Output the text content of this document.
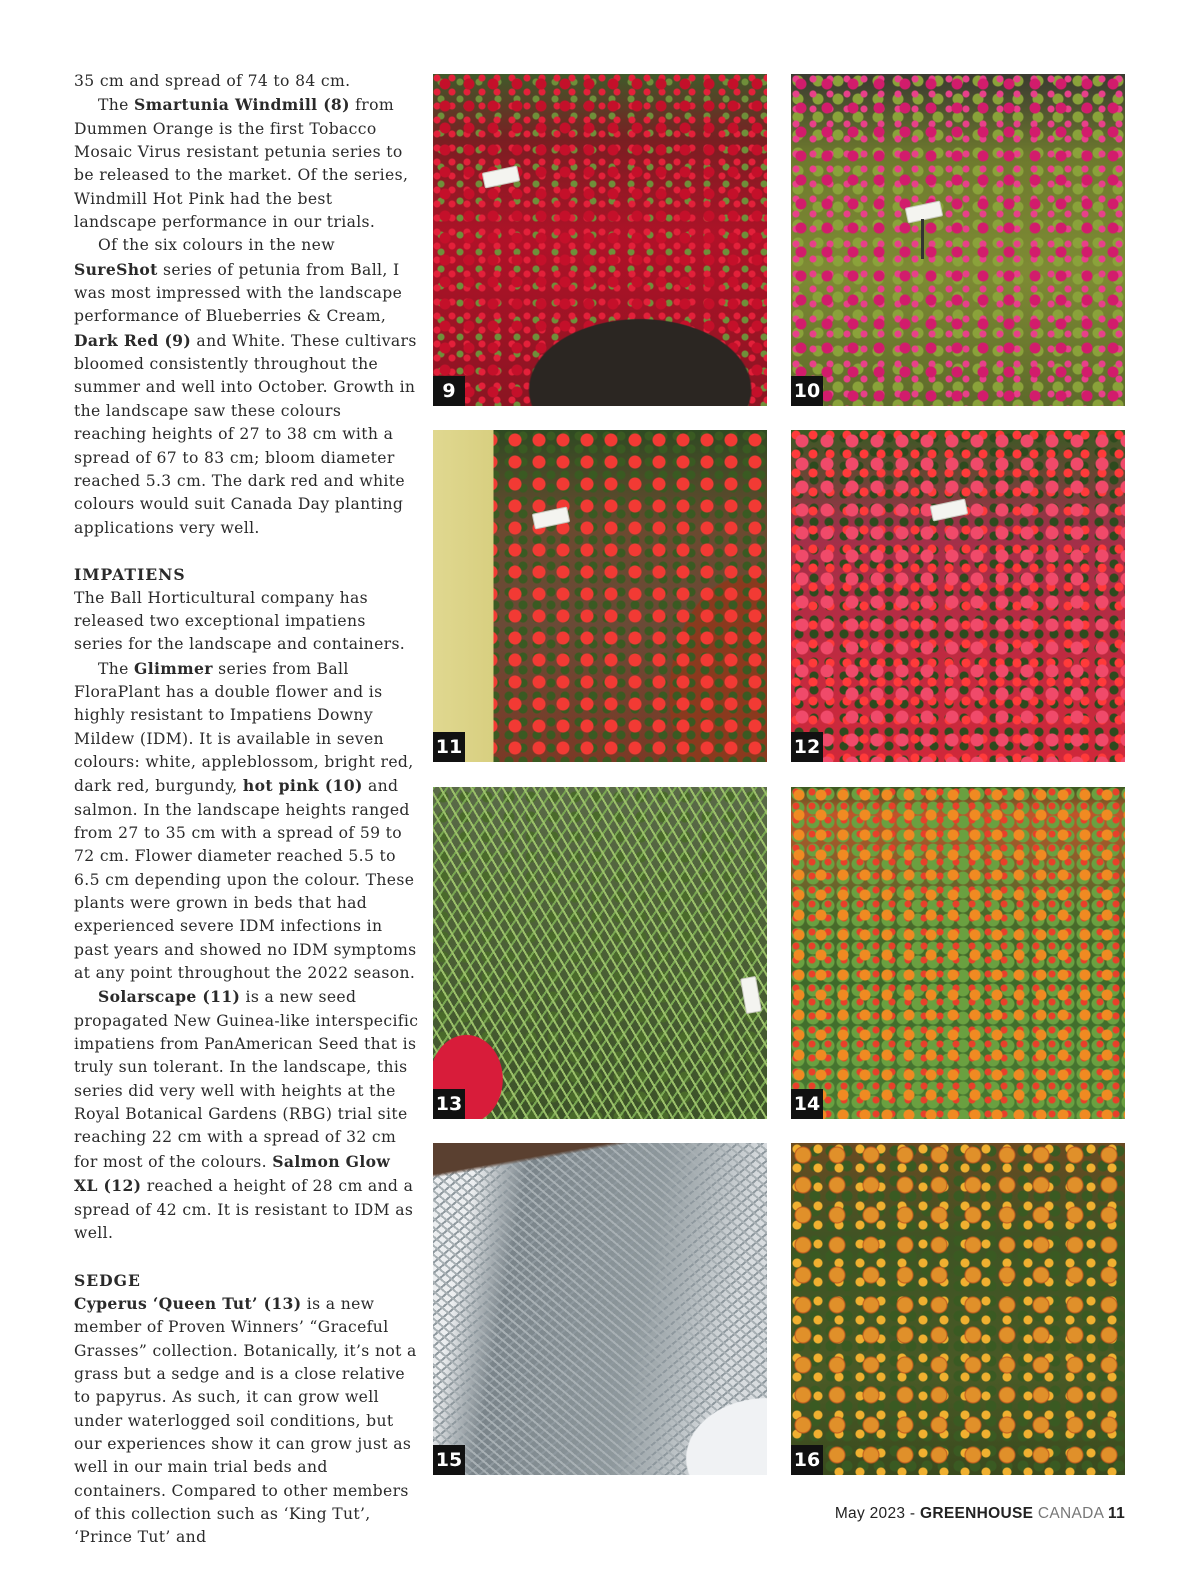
35 cm and spread of 74 to 84 cm.

The Smartunia Windmill (8) from Dummen Orange is the first Tobacco Mosaic Virus resistant petunia series to be released to the market. Of the series, Windmill Hot Pink had the best landscape performance in our trials.

Of the six colours in the new SureShot series of petunia from Ball, I was most impressed with the landscape performance of Blueberries & Cream, Dark Red (9) and White. These cultivars bloomed consistently throughout the summer and well into October. Growth in the landscape saw these colours reaching heights of 27 to 38 cm with a spread of 67 to 83 cm; bloom diameter reached 5.3 cm. The dark red and white colours would suit Canada Day planting applications very well.

IMPATIENS

The Ball Horticultural company has released two exceptional impatiens series for the landscape and containers.

The Glimmer series from Ball FloraPlant has a double flower and is highly resistant to Impatiens Downy Mildew (IDM). It is available in seven colours: white, appleblossom, bright red, dark red, burgundy, hot pink (10) and salmon. In the landscape heights ranged from 27 to 35 cm with a spread of 59 to 72 cm. Flower diameter reached 5.5 to 6.5 cm depending upon the colour. These plants were grown in beds that had experienced severe IDM infections in past years and showed no IDM symptoms at any point throughout the 2022 season.

Solarscape (11) is a new seed propagated New Guinea-like interspecific impatiens from PanAmerican Seed that is truly sun tolerant. In the landscape, this series did very well with heights at the Royal Botanical Gardens (RBG) trial site reaching 22 cm with a spread of 32 cm for most of the colours. Salmon Glow XL (12) reached a height of 28 cm and a spread of 42 cm. It is resistant to IDM as well.

SEDGE

Cyperus ‘Queen Tut’ (13) is a new member of Proven Winners’ “Graceful Grasses” collection. Botanically, it’s not a grass but a sedge and is a close relative to papyrus. As such, it can grow well under waterlogged soil conditions, but our experiences show it can grow just as well in our main trial beds and containers. Compared to other members of this collection such as ‘King Tut’, ‘Prince Tut’ and

9	10
11	12
13	14
15	16
May 2023 - GREENHOUSE CANADA 11
